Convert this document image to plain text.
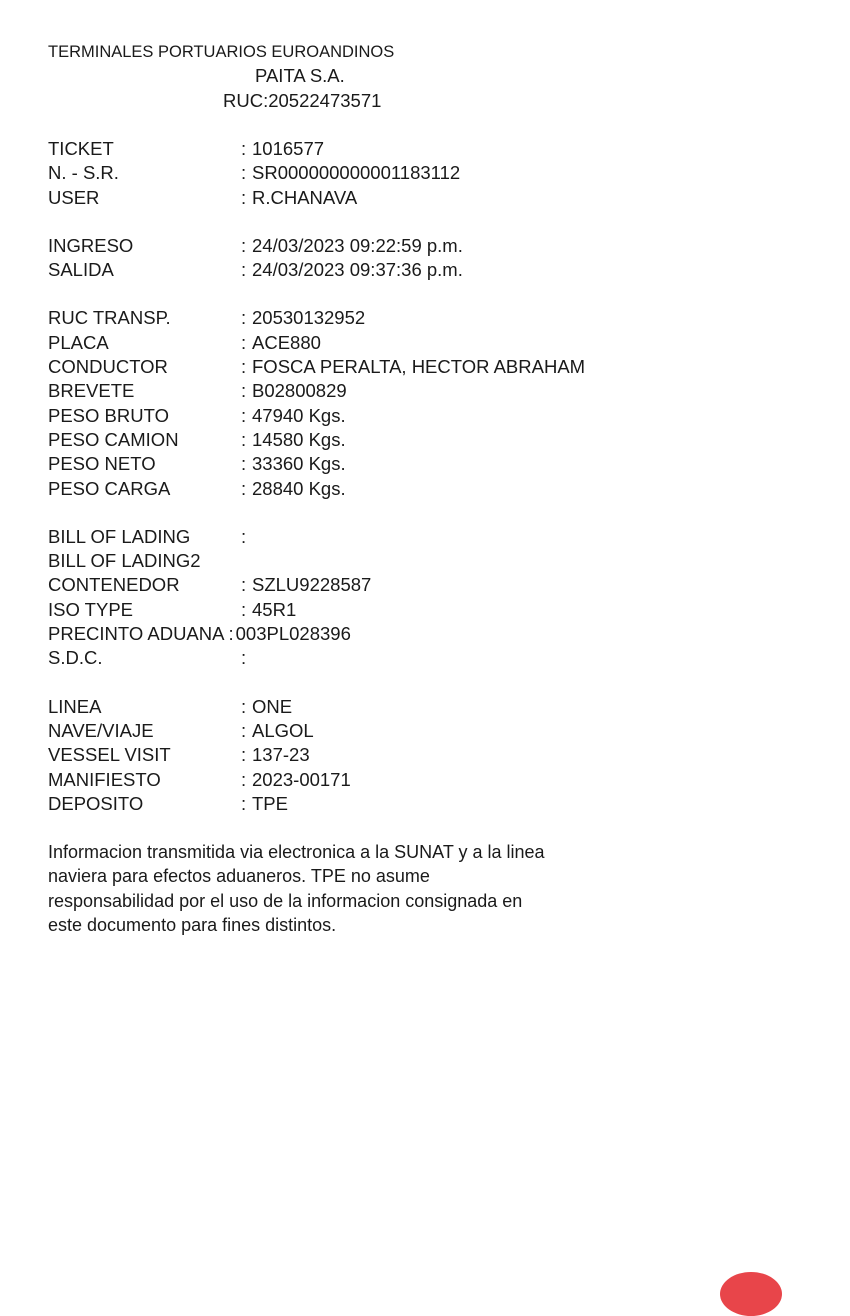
TERMINALES PORTUARIOS EUROANDINOS

PAITA S.A.

RUC:20522473571

TICKET	: 1016577
N. - S.R.	: SR000000000001183112
USER	: R.CHANAVA
INGRESO	: 24/03/2023 09:22:59 p.m.
SALIDA	: 24/03/2023 09:37:36 p.m.
RUC TRANSP.	: 20530132952
PLACA	: ACE880
CONDUCTOR	: FOSCA PERALTA, HECTOR ABRAHAM
BREVETE	: B02800829
PESO BRUTO	: 47940 Kgs.
PESO CAMION	: 14580 Kgs.
PESO NETO	: 33360 Kgs.
PESO CARGA	: 28840 Kgs.
BILL OF LADING	:
BILL OF LADING2
CONTENEDOR	: SZLU9228587
ISO TYPE	: 45R1
PRECINTO ADUANA : 003PL028396
S.D.C.	:
LINEA	: ONE
NAVE/VIAJE	: ALGOL
VESSEL VISIT	: 137-23
MANIFIESTO	: 2023-00171
DEPOSITO	: TPE

Informacion transmitida via electronica a la SUNAT y a la linea naviera para efectos aduaneros. TPE no asume responsabilidad por el uso de la informacion consignada en este documento para fines distintos.
